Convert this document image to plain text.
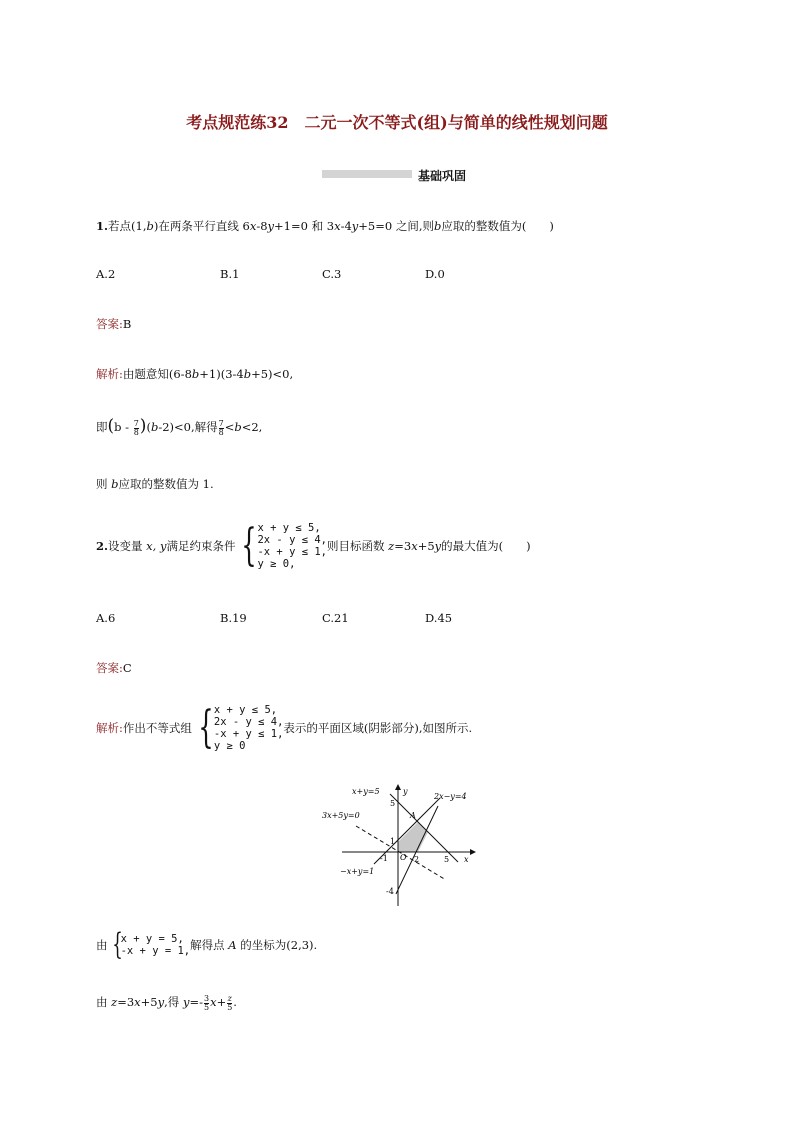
考点规范练32　二元一次不等式(组)与简单的线性规划问题
基础巩固
1.若点(1,b)在两条平行直线 6x-8y+1=0 和 3x-4y+5=0 之间,则b应取的整数值为(　　)
A.2	B.1	C.3	D.0
答案:B
解析:由题意知(6-8b+1)(3-4b+5)<0,
即$(b - \frac{7}{8} )(b-2)<0$,解得 $\frac{7}{8} <b<2$,
则 b应取的整数值为 1.
2. 设变量
x, y 满足约束条件 { x + y ≤ 5,
2x - y ≤ 4,
-x + y ≤ 1,
y ≥ 0,
则目标函数
z =3 x +5 y 的最大值为(　　)
A.6	B.19	C.21	D.45
答案:C
解析: 作出不等式组 { x + y ≤ 5,
2x - y ≤ 4,
-x + y ≤ 1,
y ≥ 0
表示的平面区域(阴影部分),如图所示.
x+y=5
2x−y=4
3x+5y=0
−x+y=1
y
x
O
A
5
1
-4
-1	2	5
由 {
x + y = 5,
-x + y = 1, 解得点
A
的坐标为(2,3).
由 z=3x+5y,得 $y=- \frac{3}{5} x+ \frac{z}{5}$ .
